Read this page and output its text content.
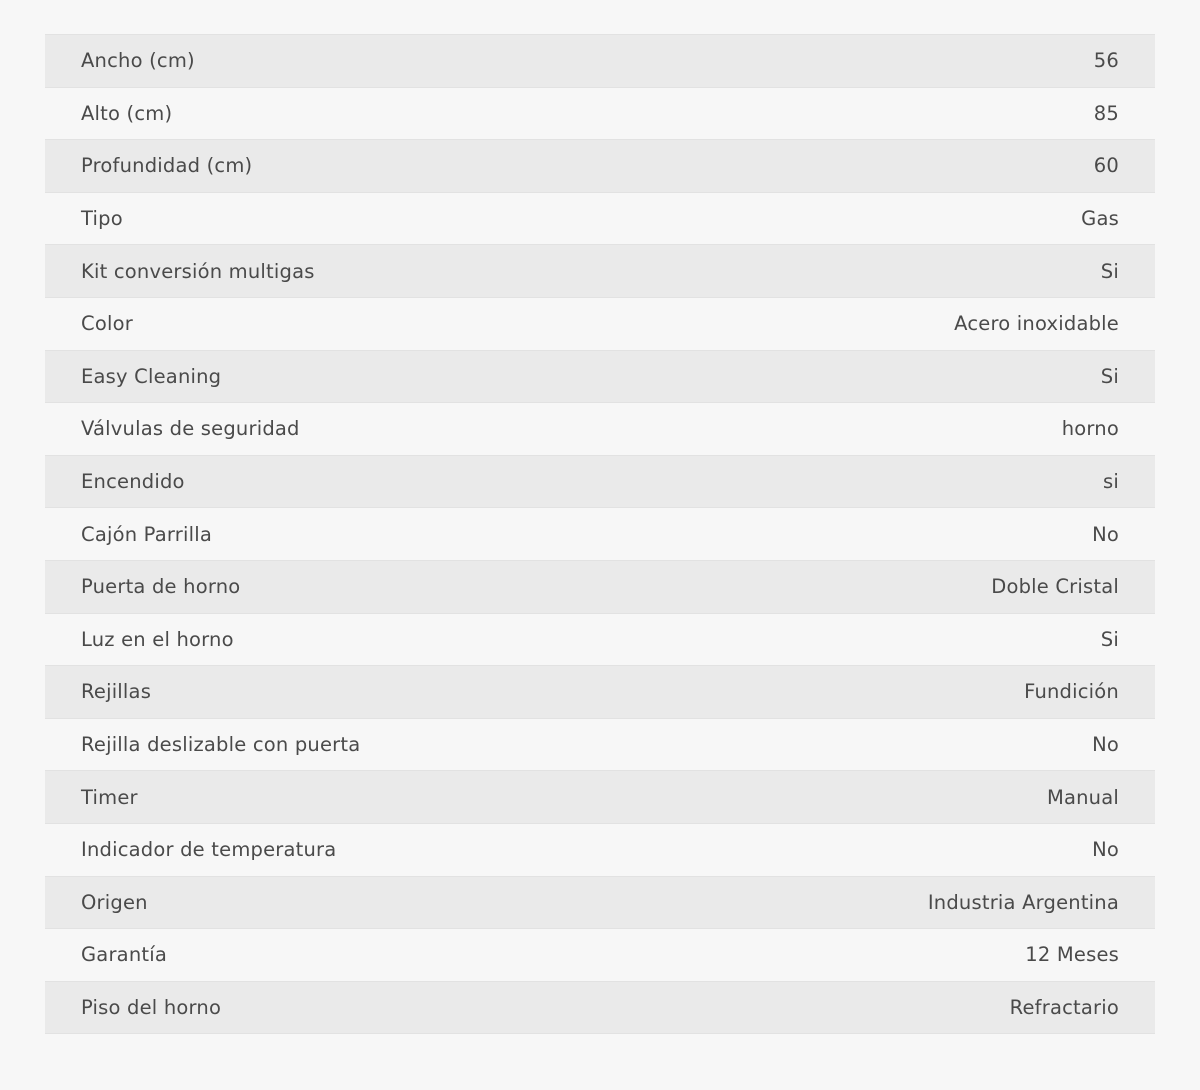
Ancho (cm)	56
Alto (cm)	85
Profundidad (cm)	60
Tipo	Gas
Kit conversión multigas	Si
Color	Acero inoxidable
Easy Cleaning	Si
Válvulas de seguridad	horno
Encendido	si
Cajón Parrilla	No
Puerta de horno	Doble Cristal
Luz en el horno	Si
Rejillas	Fundición
Rejilla deslizable con puerta	No
Timer	Manual
Indicador de temperatura	No
Origen	Industria Argentina
Garantía	12 Meses
Piso del horno	Refractario
